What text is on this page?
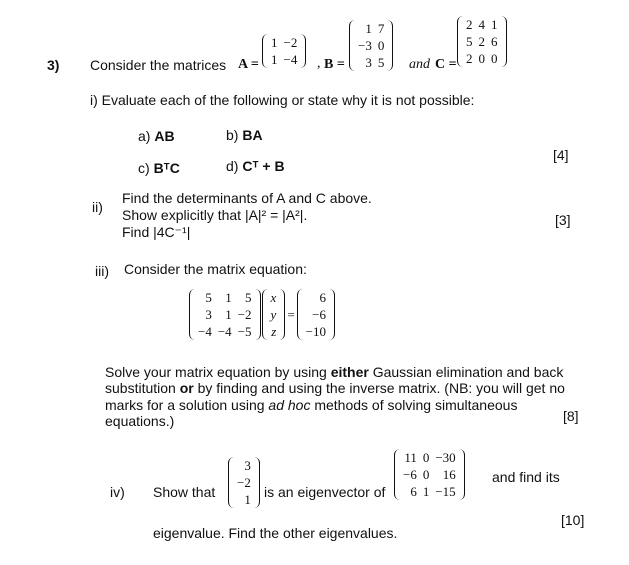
3) Consider the matrices A =
1	−2
1	−4 , B =
1	7
−3	0
3	5 and C =
2	4	1
5	2	6
2	0	0
i) Evaluate each of the following or state why it is not possible:
a) AB	b) BA
c) BᵀC	d) Cᵀ + B
[4]
ii)
Find the determinants of A and C above.
Show explicitly that |A|² = |A²|.
Find |4C⁻¹|
[3]
iii) Consider the matrix equation:
5	1	5
3	1	−2
−4	−4	−5
x
y
z
=
6
−6
−10
Solve your matrix equation by using either Gaussian elimination and back
substitution or by finding and using the inverse matrix. (NB: you will get no
marks for a solution using ad hoc methods of solving simultaneous
equations.)	[8]
iv) Show that
3
−2
1 is an eigenvector of
11	0	−30
−6	0	16
6	1	−15
and find its
eigenvalue. Find the other eigenvalues.
[10]
